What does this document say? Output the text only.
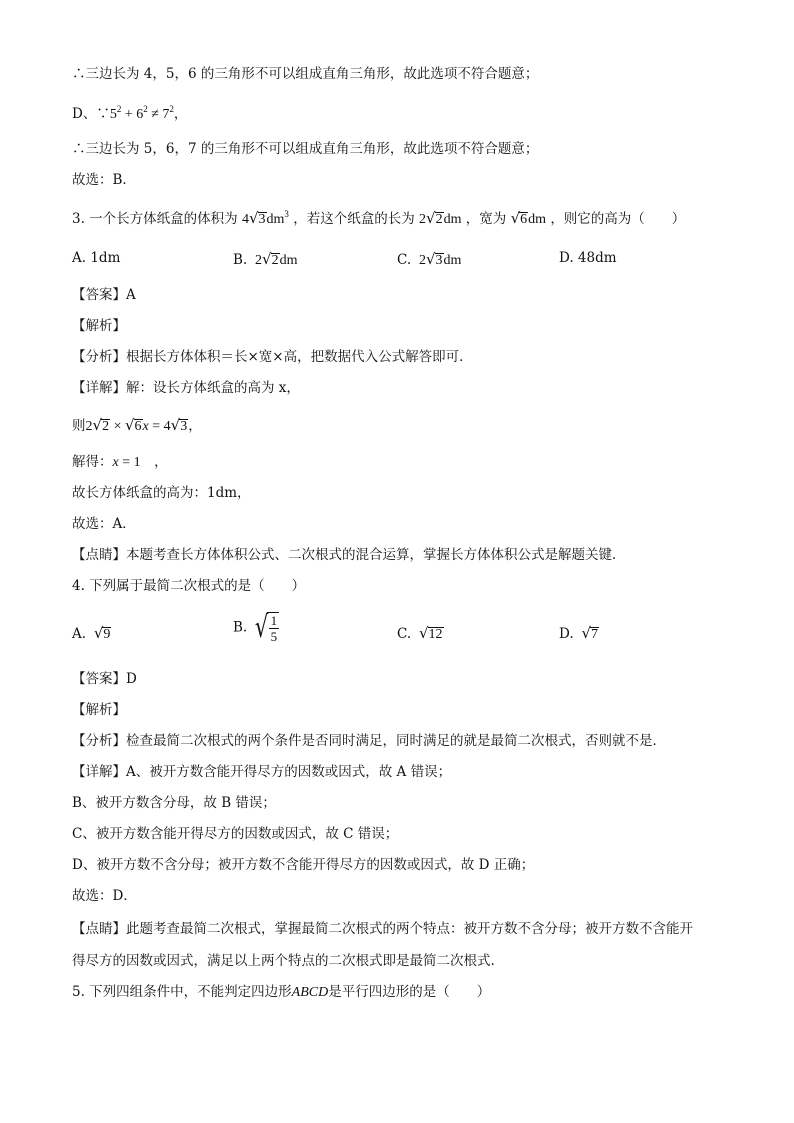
∴三边长为 4，5，6 的三角形不可以组成直角三角形，故此选项不符合题意；
D、$\because 5^2 + 6^2 \ne 7^2$，
∴三边长为 5，6，7 的三角形不可以组成直角三角形，故此选项不符合题意；
故选：B．
3. 一个长方体纸盒的体积为 $4√3dm^3$ ，若这个纸盒的长为 2√2dm ，宽为 √6dm ，则它的高为（　　）
A. 1dm	B.  2√2dm	C.  2√3dm	D. 48dm
【答案】A
【解析】
【分析】根据长方体体积＝长×宽×高，把数据代入公式解答即可．
【详解】解：设长方体纸盒的高为 x，
则2√2 × √6x = 4√3，
解得：x = 1　，
故长方体纸盒的高为：1dm，
故选：A．
【点睛】本题考查长方体体积公式、二次根式的混合运算，掌握长方体体积公式是解题关键．
4. 下列属于最简二次根式的是（　　）
A. √9	B. √
$\frac{1}{5}$	C. √12	D. √7
【答案】D
【解析】
【分析】检查最简二次根式的两个条件是否同时满足，同时满足的就是最简二次根式，否则就不是．
【详解】A、被开方数含能开得尽方的因数或因式，故 A 错误；
B、被开方数含分母，故 B 错误；
C、被开方数含能开得尽方的因数或因式，故 C 错误；
D、被开方数不含分母；被开方数不含能开得尽方的因数或因式，故 D 正确；
故选：D．
【点睛】此题考查最简二次根式，掌握最简二次根式的两个特点：被开方数不含分母；被开方数不含能开
得尽方的因数或因式，满足以上两个特点的二次根式即是最简二次根式.
5. 下列四组条件中，不能判定四边形ABCD是平行四边形的是（　　）
